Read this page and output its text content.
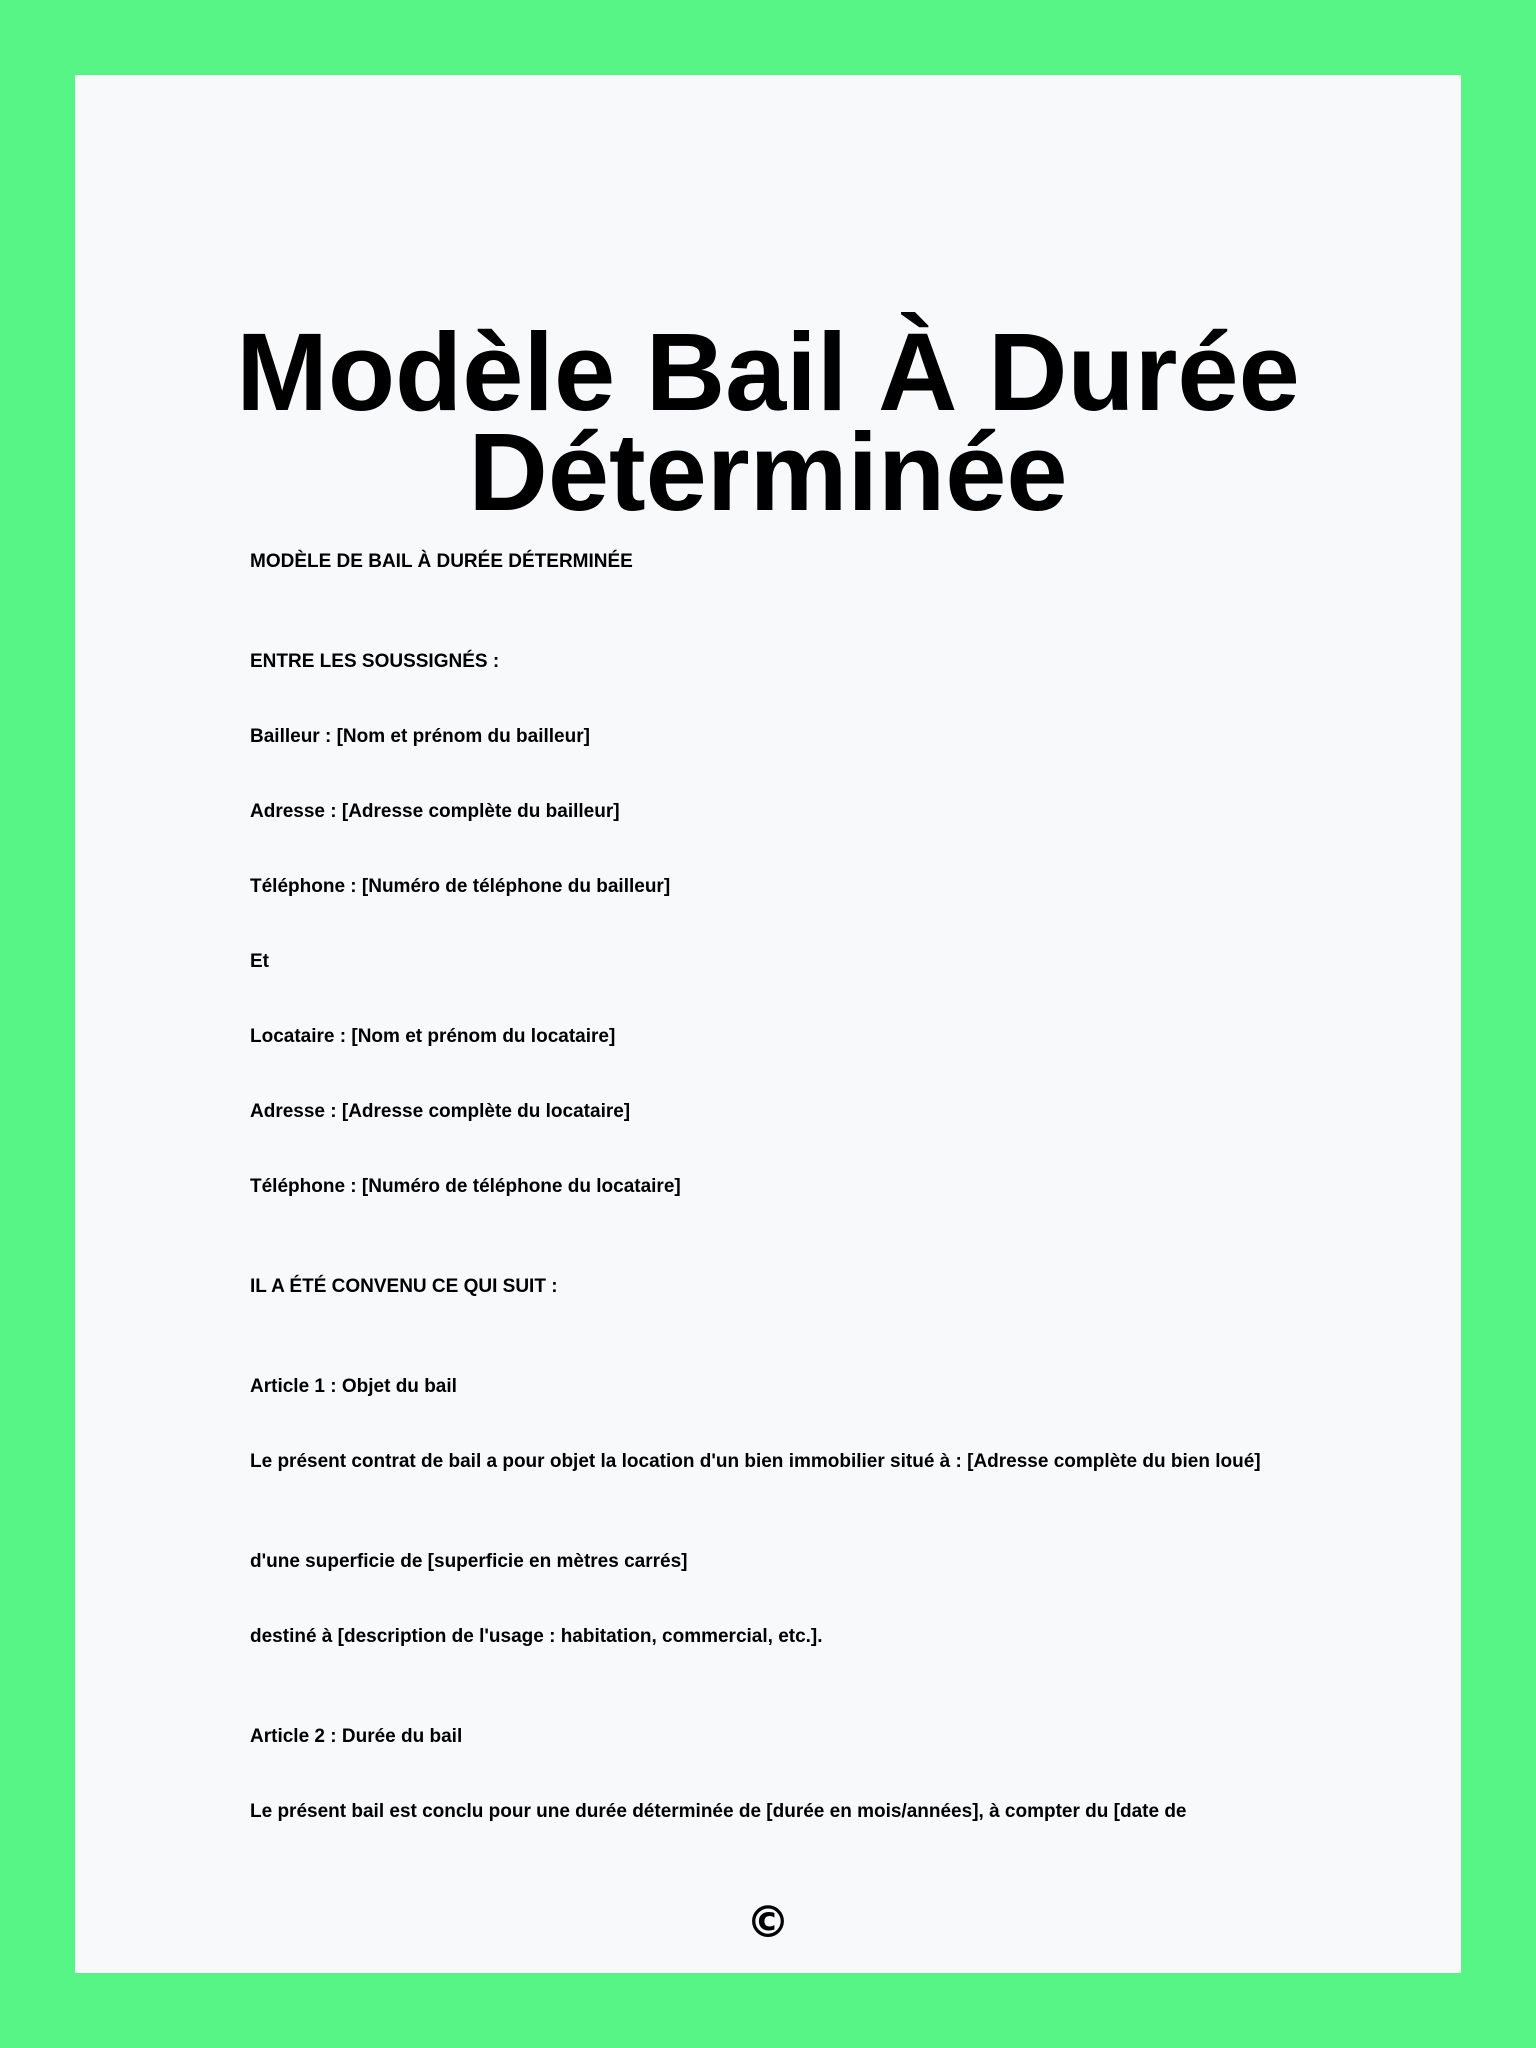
Modèle Bail À Durée
Déterminée

MODÈLE DE BAIL À DURÉE DÉTERMINÉE

ENTRE LES SOUSSIGNÉS :

Bailleur : [Nom et prénom du bailleur]

Adresse : [Adresse complète du bailleur]

Téléphone : [Numéro de téléphone du bailleur]

Et

Locataire : [Nom et prénom du locataire]

Adresse : [Adresse complète du locataire]

Téléphone : [Numéro de téléphone du locataire]

IL A ÉTÉ CONVENU CE QUI SUIT :

Article 1 : Objet du bail

Le présent contrat de bail a pour objet la location d'un bien immobilier situé à : [Adresse complète du bien loué]

d'une superficie de [superficie en mètres carrés]

destiné à [description de l'usage : habitation, commercial, etc.].

Article 2 : Durée du bail

Le présent bail est conclu pour une durée déterminée de [durée en mois/années], à compter du [date de

©
